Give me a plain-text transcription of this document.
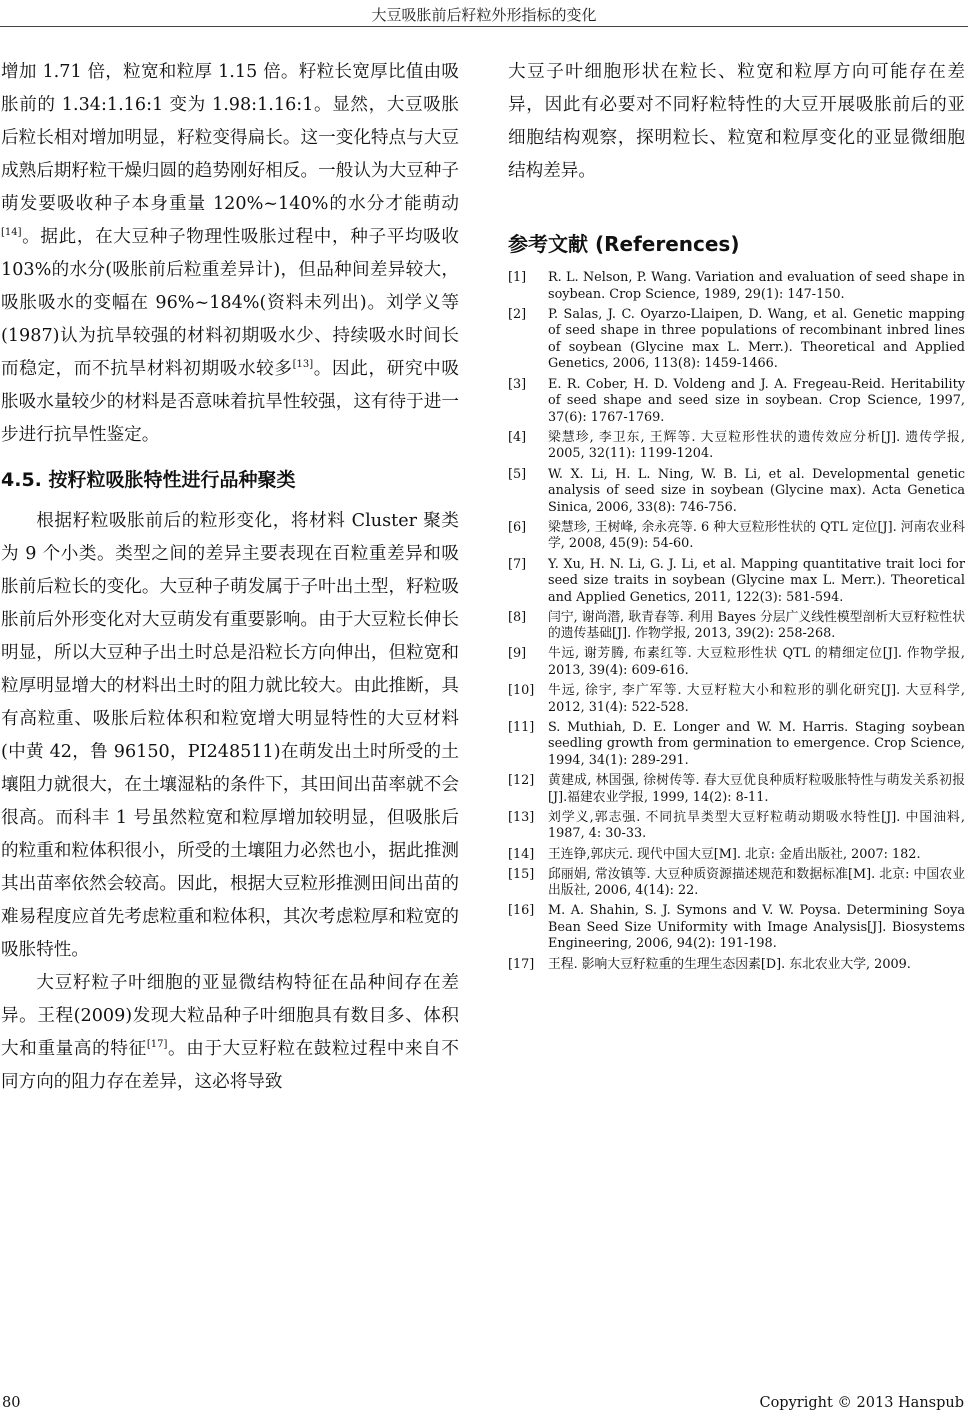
大豆吸胀前后籽粒外形指标的变化

增加 1.71 倍，粒宽和粒厚 1.15 倍。籽粒长宽厚比值由吸胀前的 1.34:1.16:1 变为 1.98:1.16:1。显然，大豆吸胀后粒长相对增加明显，籽粒变得扁长。这一变化特点与大豆成熟后期籽粒干燥归圆的趋势刚好相反。一般认为大豆种子萌发要吸收种子本身重量 120%~140%的水分才能萌动[14]。据此，在大豆种子物理性吸胀过程中，种子平均吸收 103%的水分(吸胀前后粒重差异计)，但品种间差异较大，吸胀吸水的变幅在 96%~184%(资料未列出)。刘学义等(1987)认为抗旱较强的材料初期吸水少、持续吸水时间长而稳定，而不抗旱材料初期吸水较多[13]。因此，研究中吸胀吸水量较少的材料是否意味着抗旱性较强，这有待于进一步进行抗旱性鉴定。

4.5. 按籽粒吸胀特性进行品种聚类

根据籽粒吸胀前后的粒形变化，将材料 Cluster 聚类为 9 个小类。类型之间的差异主要表现在百粒重差异和吸胀前后粒长的变化。大豆种子萌发属于子叶出土型，籽粒吸胀前后外形变化对大豆萌发有重要影响。由于大豆粒长伸长明显，所以大豆种子出土时总是沿粒长方向伸出，但粒宽和粒厚明显增大的材料出土时的阻力就比较大。由此推断，具有高粒重、吸胀后粒体积和粒宽增大明显特性的大豆材料(中黄 42，鲁 96150，PI248511)在萌发出土时所受的土壤阻力就很大，在土壤湿粘的条件下，其田间出苗率就不会很高。而科丰 1 号虽然粒宽和粒厚增加较明显，但吸胀后的粒重和粒体积很小，所受的土壤阻力必然也小，据此推测其出苗率依然会较高。因此，根据大豆粒形推测田间出苗的难易程度应首先考虑粒重和粒体积，其次考虑粒厚和粒宽的吸胀特性。

大豆籽粒子叶细胞的亚显微结构特征在品种间存在差异。王程(2009)发现大粒品种子叶细胞具有数目多、体积大和重量高的特征[17]。由于大豆籽粒在鼓粒过程中来自不同方向的阻力存在差异，这必将导致

大豆子叶细胞形状在粒长、粒宽和粒厚方向可能存在差异，因此有必要对不同籽粒特性的大豆开展吸胀前后的亚细胞结构观察，探明粒长、粒宽和粒厚变化的亚显微细胞结构差异。

参考文献 (References)
[1]	R. L. Nelson, P. Wang. Variation and evaluation of seed shape in soybean. Crop Science, 1989, 29(1): 147-150.
[2]	P. Salas, J. C. Oyarzo-Llaipen, D. Wang, et al. Genetic mapping of seed shape in three populations of recombinant inbred lines of soybean (Glycine max L. Merr.). Theoretical and Applied Genetics, 2006, 113(8): 1459-1466.
[3]	E. R. Cober, H. D. Voldeng and J. A. Fregeau-Reid. Heritability of seed shape and seed size in soybean. Crop Science, 1997, 37(6): 1767-1769.
[4]	梁慧珍, 李卫东, 王辉等. 大豆粒形性状的遗传效应分析[J]. 遗传学报, 2005, 32(11): 1199-1204.
[5]	W. X. Li, H. L. Ning, W. B. Li, et al. Developmental genetic analysis of seed size in soybean (Glycine max). Acta Genetica Sinica, 2006, 33(8): 746-756.
[6]	梁慧珍, 王树峰, 余永亮等. 6 种大豆粒形性状的 QTL 定位[J]. 河南农业科学, 2008, 45(9): 54-60.
[7]	Y. Xu, H. N. Li, G. J. Li, et al. Mapping quantitative trait loci for seed size traits in soybean (Glycine max L. Merr.). Theoretical and Applied Genetics, 2011, 122(3): 581-594.
[8]	闫宁, 谢尚潜, 耿青春等. 利用 Bayes 分层广义线性模型剖析大豆籽粒性状的遗传基础[J]. 作物学报, 2013, 39(2): 258-268.
[9]	牛远, 谢芳腾, 布素红等. 大豆粒形性状 QTL 的精细定位[J]. 作物学报, 2013, 39(4): 609-616.
[10]	牛远, 徐宇, 李广军等. 大豆籽粒大小和粒形的驯化研究[J]. 大豆科学, 2012, 31(4): 522-528.
[11]	S. Muthiah, D. E. Longer and W. M. Harris. Staging soybean seedling growth from germination to emergence. Crop Science, 1994, 34(1): 289-291.
[12]	黄建成, 林国强, 徐树传等. 春大豆优良种质籽粒吸胀特性与萌发关系初报[J].福建农业学报, 1999, 14(2): 8-11.
[13]	刘学义,郭志强. 不同抗旱类型大豆籽粒萌动期吸水特性[J]. 中国油料, 1987, 4: 30-33.
[14]	王连铮,郭庆元. 现代中国大豆[M]. 北京: 金盾出版社, 2007: 182.
[15]	邱丽娟, 常汝镇等. 大豆种质资源描述规范和数据标准[M]. 北京: 中国农业出版社, 2006, 4(14): 22.
[16]	M. A. Shahin, S. J. Symons and V. W. Poysa. Determining Soya Bean Seed Size Uniformity with Image Analysis[J]. Biosystems Engineering, 2006, 94(2): 191-198.
[17]	王程. 影响大豆籽粒重的生理生态因素[D]. 东北农业大学, 2009.
80	Copyright © 2013 Hanspub
